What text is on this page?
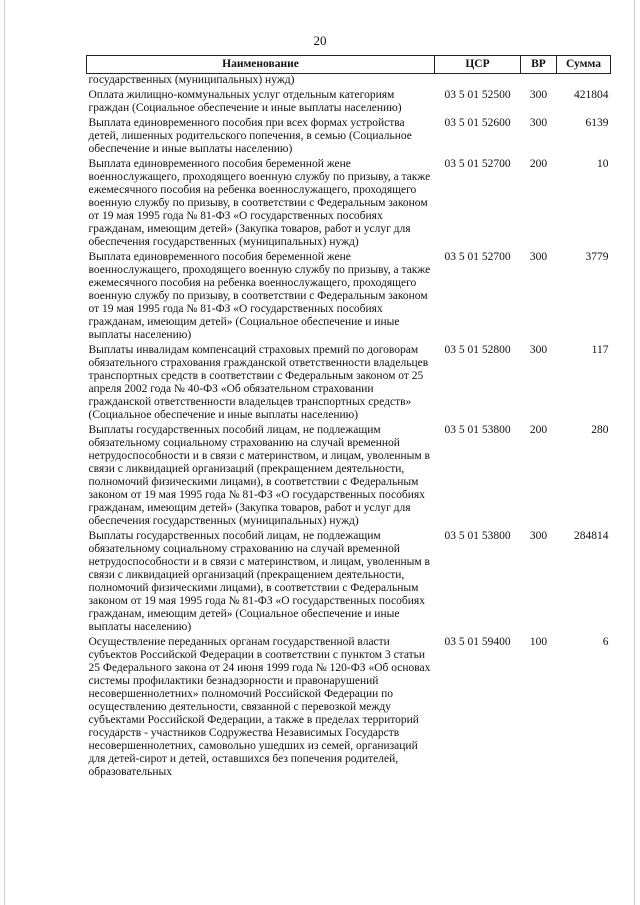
20
Наименование	ЦСР	ВР	Сумма
государственных (муниципальных) нужд)			
Оплата жилищно-коммунальных услуг отдельным категориям граждан (Социальное обеспечение и иные выплаты населению)	03 5 01 52500	300	421804
Выплата единовременного пособия при всех формах устройства детей, лишенных родительского попечения, в семью (Социальное обеспечение и иные выплаты населению)	03 5 01 52600	300	6139
Выплата единовременного пособия беременной жене военнослужащего, проходящего военную службу по призыву, а также ежемесячного пособия на ребенка военнослужащего, проходящего военную службу по призыву, в соответствии с Федеральным законом от 19 мая 1995 года № 81-ФЗ «О государственных пособиях гражданам, имеющим детей» (Закупка товаров, работ и услуг для обеспечения государственных (муниципальных) нужд)	03 5 01 52700	200	10
Выплата единовременного пособия беременной жене военнослужащего, проходящего военную службу по призыву, а также ежемесячного пособия на ребенка военнослужащего, проходящего военную службу по призыву, в соответствии с Федеральным законом от 19 мая 1995 года № 81-ФЗ «О государственных пособиях гражданам, имеющим детей» (Социальное обеспечение и иные выплаты населению)	03 5 01 52700	300	3779
Выплаты инвалидам компенсаций страховых премий по договорам обязательного страхования гражданской ответственности владельцев транспортных средств в соответствии с Федеральным законом от 25 апреля 2002 года № 40-ФЗ «Об обязательном страховании гражданской ответственности владельцев транспортных средств» (Социальное обеспечение и иные выплаты населению)	03 5 01 52800	300	117
Выплаты государственных пособий лицам, не подлежащим обязательному социальному страхованию на случай временной нетрудоспособности и в связи с материнством, и лицам, уволенным в связи с ликвидацией организаций (прекращением деятельности, полномочий физическими лицами), в соответствии с Федеральным законом от 19 мая 1995 года № 81-ФЗ «О государственных пособиях гражданам, имеющим детей» (Закупка товаров, работ и услуг для обеспечения государственных (муниципальных) нужд)	03 5 01 53800	200	280
Выплаты государственных пособий лицам, не подлежащим обязательному социальному страхованию на случай временной нетрудоспособности и в связи с материнством, и лицам, уволенным в связи с ликвидацией организаций (прекращением деятельности, полномочий физическими лицами), в соответствии с Федеральным законом от 19 мая 1995 года № 81-ФЗ «О государственных пособиях гражданам, имеющим детей» (Социальное обеспечение и иные выплаты населению)	03 5 01 53800	300	284814
Осуществление переданных органам государственной власти субъектов Российской Федерации в соответствии с пунктом 3 статьи 25 Федерального закона от 24 июня 1999 года № 120-ФЗ «Об основах системы профилактики безнадзорности и правонарушений несовершеннолетних» полномочий Российской Федерации по осуществлению деятельности, связанной с перевозкой между субъектами Российской Федерации, а также в пределах территорий государств - участников Содружества Независимых Государств несовершеннолетних, самовольно ушедших из семей, организаций для детей-сирот и детей, оставшихся без попечения родителей, образовательных	03 5 01 59400	100	6
